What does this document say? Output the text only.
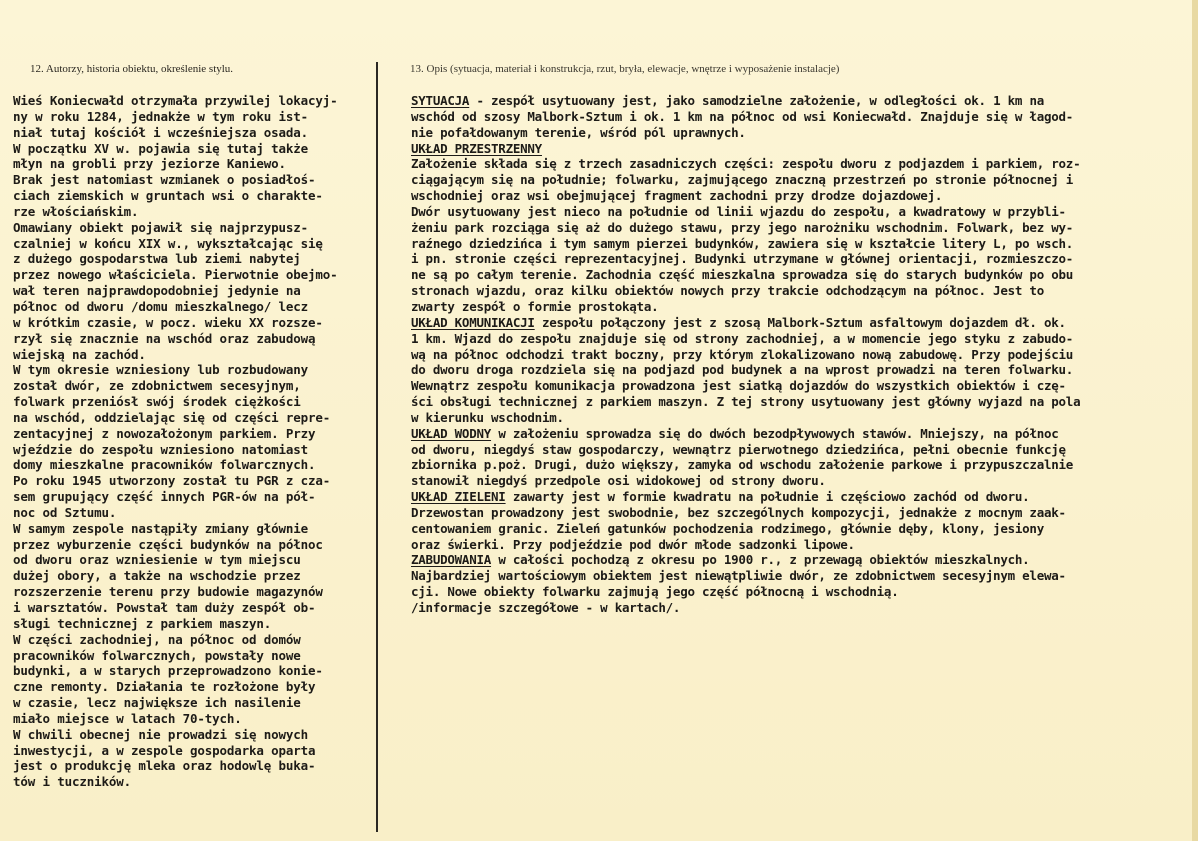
12. Autorzy, historia obiektu, określenie stylu.	13. Opis (sytuacja, materiał i konstrukcja, rzut, bryła, elewacje, wnętrze i wyposażenie instalacje)
Wieś Koniecwałd otrzymała przywilej lokacyj-
ny w roku 1284, jednakże w tym roku ist-
niał tutaj kościół i wcześniejsza osada.
W początku XV w. pojawia się tutaj także
młyn na grobli przy jeziorze Kaniewo.
Brak jest natomiast wzmianek o posiadłoś-
ciach ziemskich w gruntach wsi o charakte-
rze włościańskim.
Omawiany obiekt pojawił się najprzypusz-
czalniej w końcu XIX w., wykształcając się
z dużego gospodarstwa lub ziemi nabytej
przez nowego właściciela. Pierwotnie obejmo-
wał teren najprawdopodobniej jedynie na
północ od dworu /domu mieszkalnego/ lecz
w krótkim czasie, w pocz. wieku XX rozsze-
rzył się znacznie na wschód oraz zabudową
wiejską na zachód.
W tym okresie wzniesiony lub rozbudowany
został dwór, ze zdobnictwem secesyjnym,
folwark przeniósł swój środek ciężkości
na wschód, oddzielając się od części repre-
zentacyjnej z nowozałożonym parkiem. Przy
wjeździe do zespołu wzniesiono natomiast
domy mieszkalne pracowników folwarcznych.
Po roku 1945 utworzony został tu PGR z cza-
sem grupujący część innych PGR-ów na pół-
noc od Sztumu.
W samym zespole nastąpiły zmiany głównie
przez wyburzenie części budynków na północ
od dworu oraz wzniesienie w tym miejscu
dużej obory, a także na wschodzie przez
rozszerzenie terenu przy budowie magazynów
i warsztatów. Powstał tam duży zespół ob-
sługi technicznej z parkiem maszyn.
W części zachodniej, na północ od domów
pracowników folwarcznych, powstały nowe
budynki, a w starych przeprowadzono konie-
czne remonty. Działania te rozłożone były
w czasie, lecz największe ich nasilenie
miało miejsce w latach 70-tych.
W chwili obecnej nie prowadzi się nowych
inwestycji, a w zespole gospodarka oparta
jest o produkcję mleka oraz hodowlę buka-
tów i tuczników.
SYTUACJA - zespół usytuowany jest, jako samodzielne założenie, w odległości ok. 1 km na
wschód od szosy Malbork-Sztum i ok. 1 km na północ od wsi Koniecwałd. Znajduje się w łagod-
nie pofałdowanym terenie, wśród pól uprawnych.
UKŁAD PRZESTRZENNY
Założenie składa się z trzech zasadniczych części: zespołu dworu z podjazdem i parkiem, roz-
ciągającym się na południe; folwarku, zajmującego znaczną przestrzeń po stronie północnej i
wschodniej oraz wsi obejmującej fragment zachodni przy drodze dojazdowej.
Dwór usytuowany jest nieco na południe od linii wjazdu do zespołu, a kwadratowy w przybli-
żeniu park rozciąga się aż do dużego stawu, przy jego narożniku wschodnim. Folwark, bez wy-
raźnego dziedzińca i tym samym pierzei budynków, zawiera się w kształcie litery L, po wsch.
i pn. stronie części reprezentacyjnej. Budynki utrzymane w głównej orientacji, rozmieszczo-
ne są po całym terenie. Zachodnia część mieszkalna sprowadza się do starych budynków po obu
stronach wjazdu, oraz kilku obiektów nowych przy trakcie odchodzącym na północ. Jest to
zwarty zespół o formie prostokąta.
UKŁAD KOMUNIKACJI zespołu połączony jest z szosą Malbork-Sztum asfaltowym dojazdem dł. ok.
1 km. Wjazd do zespołu znajduje się od strony zachodniej, a w momencie jego styku z zabudo-
wą na północ odchodzi trakt boczny, przy którym zlokalizowano nową zabudowę. Przy podejściu
do dworu droga rozdziela się na podjazd pod budynek a na wprost prowadzi na teren folwarku.
Wewnątrz zespołu komunikacja prowadzona jest siatką dojazdów do wszystkich obiektów i czę-
ści obsługi technicznej z parkiem maszyn. Z tej strony usytuowany jest główny wyjazd na pola
w kierunku wschodnim.
UKŁAD WODNY w założeniu sprowadza się do dwóch bezodpływowych stawów. Mniejszy, na północ
od dworu, niegdyś staw gospodarczy, wewnątrz pierwotnego dziedzińca, pełni obecnie funkcję
zbiornika p.poż. Drugi, dużo większy, zamyka od wschodu założenie parkowe i przypuszczalnie
stanowił niegdyś przedpole osi widokowej od strony dworu.
UKŁAD ZIELENI zawarty jest w formie kwadratu na południe i częściowo zachód od dworu.
Drzewostan prowadzony jest swobodnie, bez szczególnych kompozycji, jednakże z mocnym zaak-
centowaniem granic. Zieleń gatunków pochodzenia rodzimego, głównie dęby, klony, jesiony
oraz świerki. Przy podjeździe pod dwór młode sadzonki lipowe.
ZABUDOWANIA w całości pochodzą z okresu po 1900 r., z przewagą obiektów mieszkalnych.
Najbardziej wartościowym obiektem jest niewątpliwie dwór, ze zdobnictwem secesyjnym elewa-
cji. Nowe obiekty folwarku zajmują jego część północną i wschodnią.
/informacje szczegółowe - w kartach/.
